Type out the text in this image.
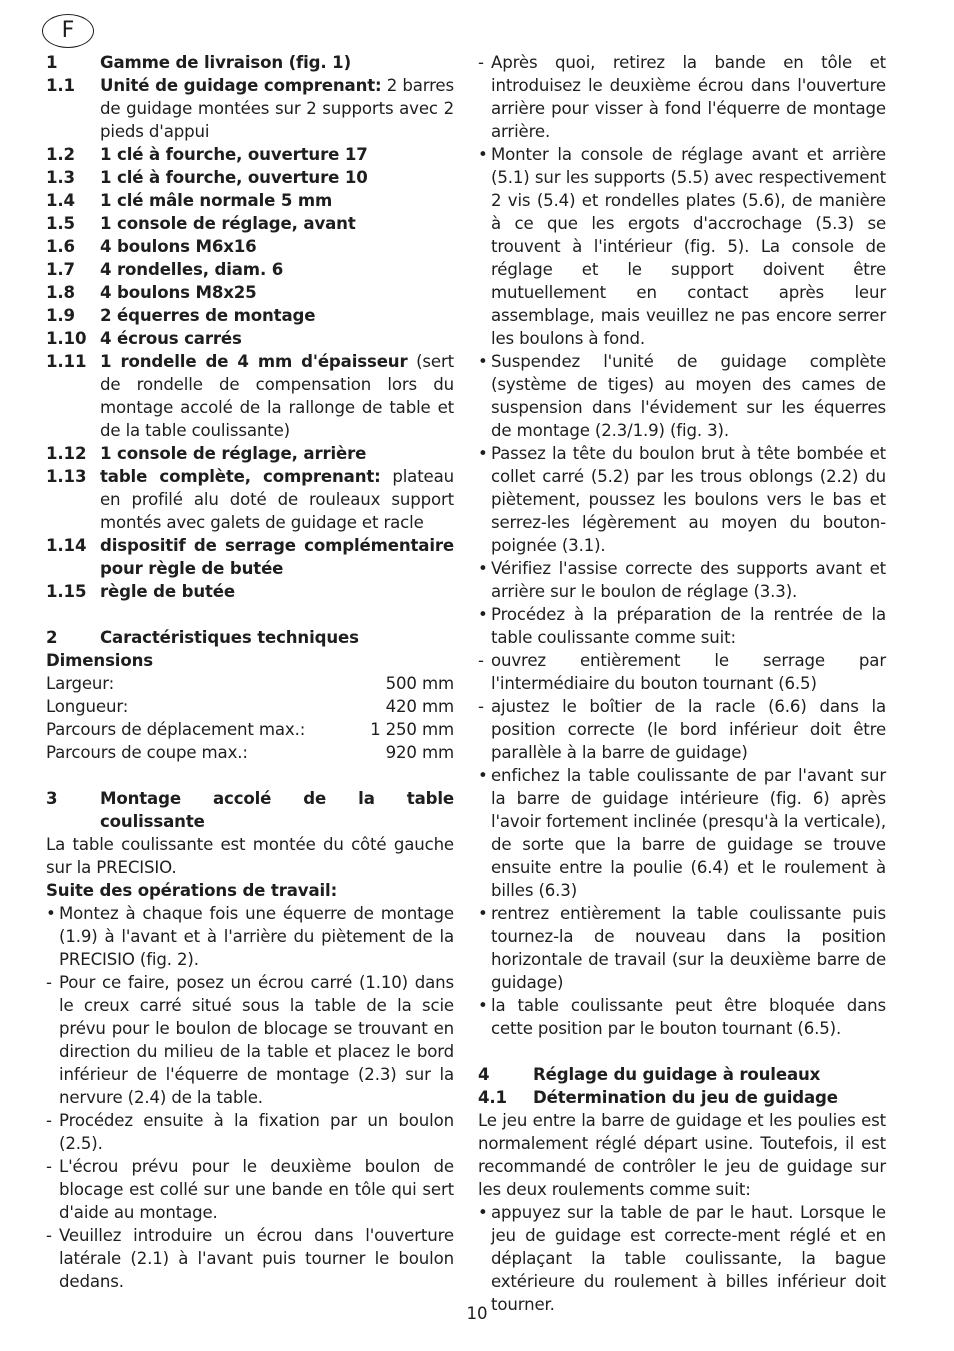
F
1	Gamme de livraison (fig. 1)
1.1	Unité de guidage comprenant: 2 barres de guidage montées sur 2 supports avec 2 pieds d'appui
1.2	1 clé à fourche, ouverture 17
1.3	1 clé à fourche, ouverture 10
1.4	1 clé mâle normale 5 mm
1.5	1 console de réglage, avant
1.6	4 boulons M6x16
1.7	4 rondelles, diam. 6
1.8	4 boulons M8x25
1.9	2 équerres de montage
1.10 4 écrous carrés
1.11 1 rondelle de 4 mm d'épaisseur (sert de rondelle de compensation lors du montage accolé de la rallonge de table et de la table coulissante)
1.12 1 console de réglage, arrière
1.13 table complète, comprenant: plateau en profilé alu doté de rouleaux support montés avec galets de guidage et racle
1.14 dispositif de serrage complémentaire pour règle de butée
1.15 règle de butée
2	Caractéristiques techniques
Dimensions
Largeur:	500 mm
Longueur:	420 mm
Parcours de déplacement max.:	1 250 mm
Parcours de coupe max.:	920 mm
3	Montage accolé de la table coulissante
La table coulissante est montée du côté gauche sur la PRECISIO.
Suite des opérations de travail:
• Montez à chaque fois une équerre de montage (1.9) à l'avant et à l'arrière du piètement de la PRECISIO (fig. 2).
- Pour ce faire, posez un écrou carré (1.10) dans le creux carré situé sous la table de la scie prévu pour le boulon de blocage se trouvant en direction du milieu de la table et placez le bord inférieur de l'équerre de montage (2.3) sur la nervure (2.4) de la table.
- Procédez ensuite à la fixation par un boulon (2.5).
- L'écrou prévu pour le deuxième boulon de blocage est collé sur une bande en tôle qui sert d'aide au montage.
- Veuillez introduire un écrou dans l'ouverture latérale (2.1) à l'avant puis tourner le boulon dedans.
- Après quoi, retirez la bande en tôle et introduisez le deuxième écrou dans l'ouverture arrière pour visser à fond l'équerre de montage arrière.
• Monter la console de réglage avant et arrière (5.1) sur les supports (5.5) avec respectivement 2 vis (5.4) et rondelles plates (5.6), de manière à ce que les ergots d'accrochage (5.3) se trouvent à l'intérieur (fig. 5). La console de réglage et le support doivent être mutuellement en contact après leur assemblage, mais veuillez ne pas encore serrer les boulons à fond.
• Suspendez l'unité de guidage complète (système de tiges) au moyen des cames de suspension dans l'évidement sur les équerres de montage (2.3/1.9) (fig. 3).
• Passez la tête du boulon brut à tête bombée et collet carré (5.2) par les trous oblongs (2.2) du piètement, poussez les boulons vers le bas et serrez-les légèrement au moyen du bouton-poignée (3.1).
• Vérifiez l'assise correcte des supports avant et arrière sur le boulon de réglage (3.3).
• Procédez à la préparation de la rentrée de la table coulissante comme suit:
- ouvrez entièrement le serrage par l'intermédiaire du bouton tournant (6.5)
- ajustez le boîtier de la racle (6.6) dans la position correcte (le bord inférieur doit être parallèle à la barre de guidage)
• enfichez la table coulissante de par l'avant sur la barre de guidage intérieure (fig. 6) après l'avoir fortement inclinée (presqu'à la verticale), de sorte que la barre de guidage se trouve ensuite entre la poulie (6.4) et le roulement à billes (6.3)
• rentrez entièrement la table coulissante puis tournez-la de nouveau dans la position horizontale de travail (sur la deuxième barre de guidage)
• la table coulissante peut être bloquée dans cette position par le bouton tournant (6.5).
4	Réglage du guidage à rouleaux
4.1	Détermination du jeu de guidage
Le jeu entre la barre de guidage et les poulies est normalement réglé départ usine. Toutefois, il est recommandé de contrôler le jeu de guidage sur les deux roulements comme suit:
• appuyez sur la table de par le haut. Lorsque le jeu de guidage est correcte-ment réglé et en déplaçant la table coulissante, la bague extérieure du roulement à billes inférieur doit tourner.
10
